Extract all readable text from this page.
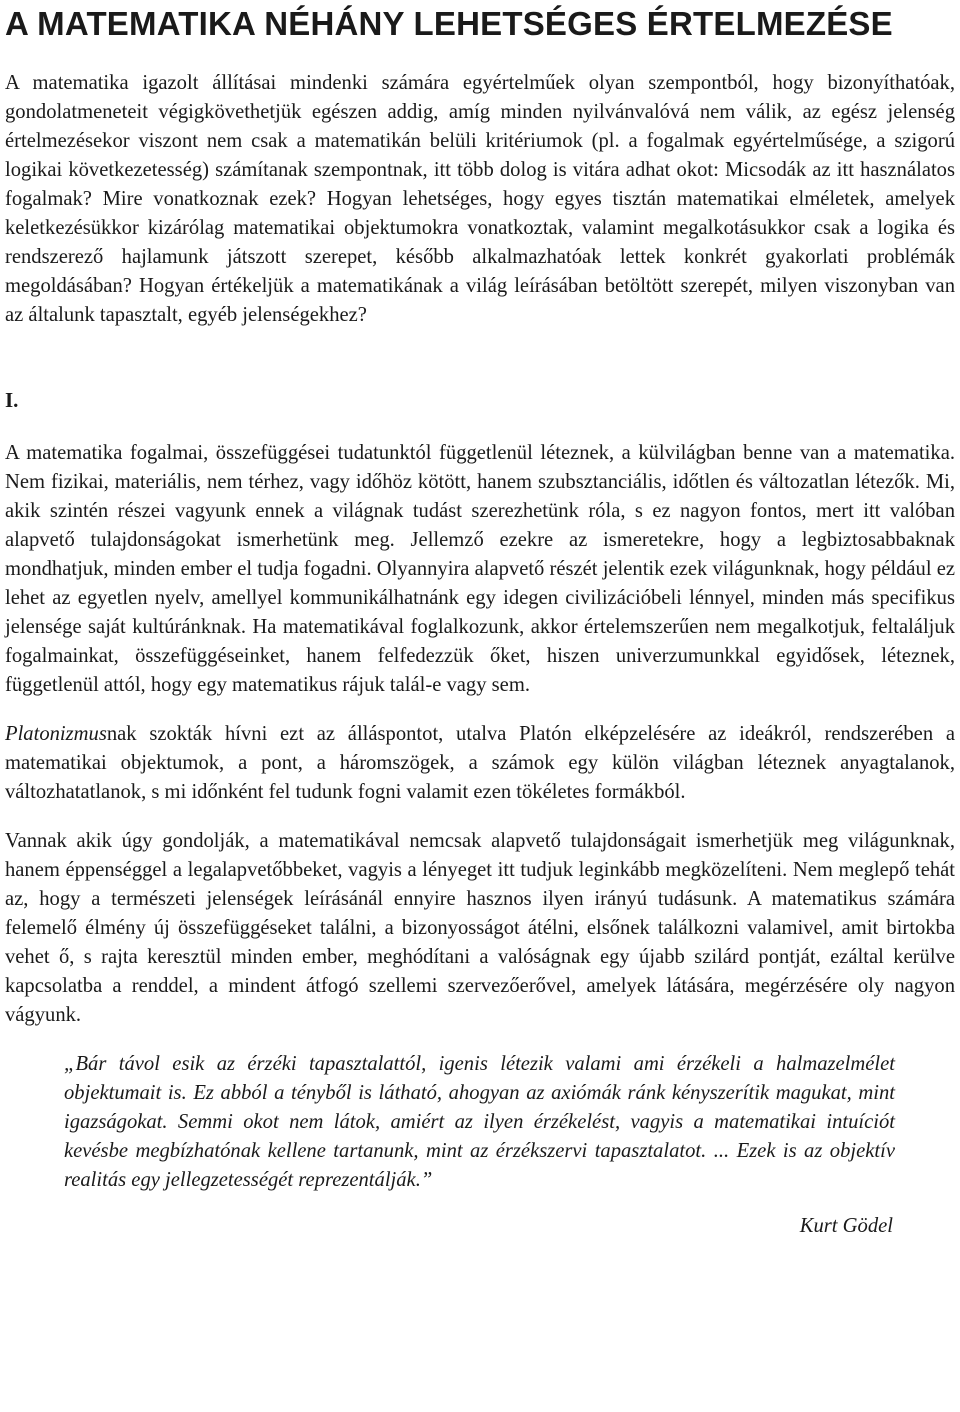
A MATEMATIKA NÉHÁNY LEHETSÉGES ÉRTELMEZÉSE

A matematika igazolt állításai mindenki számára egyértelműek olyan szempontból, hogy bizonyíthatóak, gondolatmeneteit végigkövethetjük egészen addig, amíg minden nyilvánvalóvá nem válik, az egész jelenség értelmezésekor viszont nem csak a matematikán belüli kritériumok (pl. a fogalmak egyértelműsége, a szigorú logikai következetesség) számítanak szempontnak, itt több dolog is vitára adhat okot: Micsodák az itt használatos fogalmak? Mire vonatkoznak ezek? Hogyan lehetséges, hogy egyes tisztán matematikai elméletek, amelyek keletkezésükkor kizárólag matematikai objektumokra vonatkoztak, valamint megalkotásukkor csak a logika és rendszerező hajlamunk játszott szerepet, később alkalmazhatóak lettek konkrét gyakorlati problémák megoldásában? Hogyan értékeljük a matematikának a világ leírásában betöltött szerepét, milyen viszonyban van az általunk tapasztalt, egyéb jelenségekhez?

I.

A matematika fogalmai, összefüggései tudatunktól függetlenül léteznek, a külvilágban benne van a matematika. Nem fizikai, materiális, nem térhez, vagy időhöz kötött, hanem szubsztanciális, időtlen és változatlan létezők. Mi, akik szintén részei vagyunk ennek a világnak tudást szerezhetünk róla, s ez nagyon fontos, mert itt valóban alapvető tulajdonságokat ismerhetünk meg. Jellemző ezekre az ismeretekre, hogy a legbiztosabbaknak mondhatjuk, minden ember el tudja fogadni. Olyannyira alapvető részét jelentik ezek világunknak, hogy például ez lehet az egyetlen nyelv, amellyel kommunikálhatnánk egy idegen civilizációbeli lénnyel, minden más specifikus jelensége saját kultúránknak. Ha matematikával foglalkozunk, akkor értelemszerűen nem megalkotjuk, feltaláljuk fogalmainkat, összefüggéseinket, hanem felfedezzük őket, hiszen univerzumunkkal egyidősek, léteznek, függetlenül attól, hogy egy matematikus rájuk talál-e vagy sem.

Platonizmusnak szokták hívni ezt az álláspontot, utalva Platón elképzelésére az ideákról, rendszerében a matematikai objektumok, a pont, a háromszögek, a számok egy külön világban léteznek anyagtalanok, változhatatlanok, s mi időnként fel tudunk fogni valamit ezen tökéletes formákból.

Vannak akik úgy gondolják, a matematikával nemcsak alapvető tulajdonságait ismerhetjük meg világunknak, hanem éppenséggel a legalapvetőbbeket, vagyis a lényeget itt tudjuk leginkább megközelíteni. Nem meglepő tehát az, hogy a természeti jelenségek leírásánál ennyire hasznos ilyen irányú tudásunk. A matematikus számára felemelő élmény új összefüggéseket találni, a bizonyosságot átélni, elsőnek találkozni valamivel, amit birtokba vehet ő, s rajta keresztül minden ember, meghódítani a valóságnak egy újabb szilárd pontját, ezáltal kerülve kapcsolatba a renddel, a mindent átfogó szellemi szervezőerővel, amelyek látására, megérzésére oly nagyon vágyunk.

„Bár távol esik az érzéki tapasztalattól, igenis létezik valami ami érzékeli a halmazelmélet objektumait is. Ez abból a tényből is látható, ahogyan az axiómák ránk kényszerítik magukat, mint igazságokat. Semmi okot nem látok, amiért az ilyen érzékelést, vagyis a matematikai intuíciót kevésbe megbízhatónak kellene tartanunk, mint az érzékszervi tapasztalatot. ... Ezek is az objektív realitás egy jellegzetességét reprezentálják.”

Kurt Gödel
